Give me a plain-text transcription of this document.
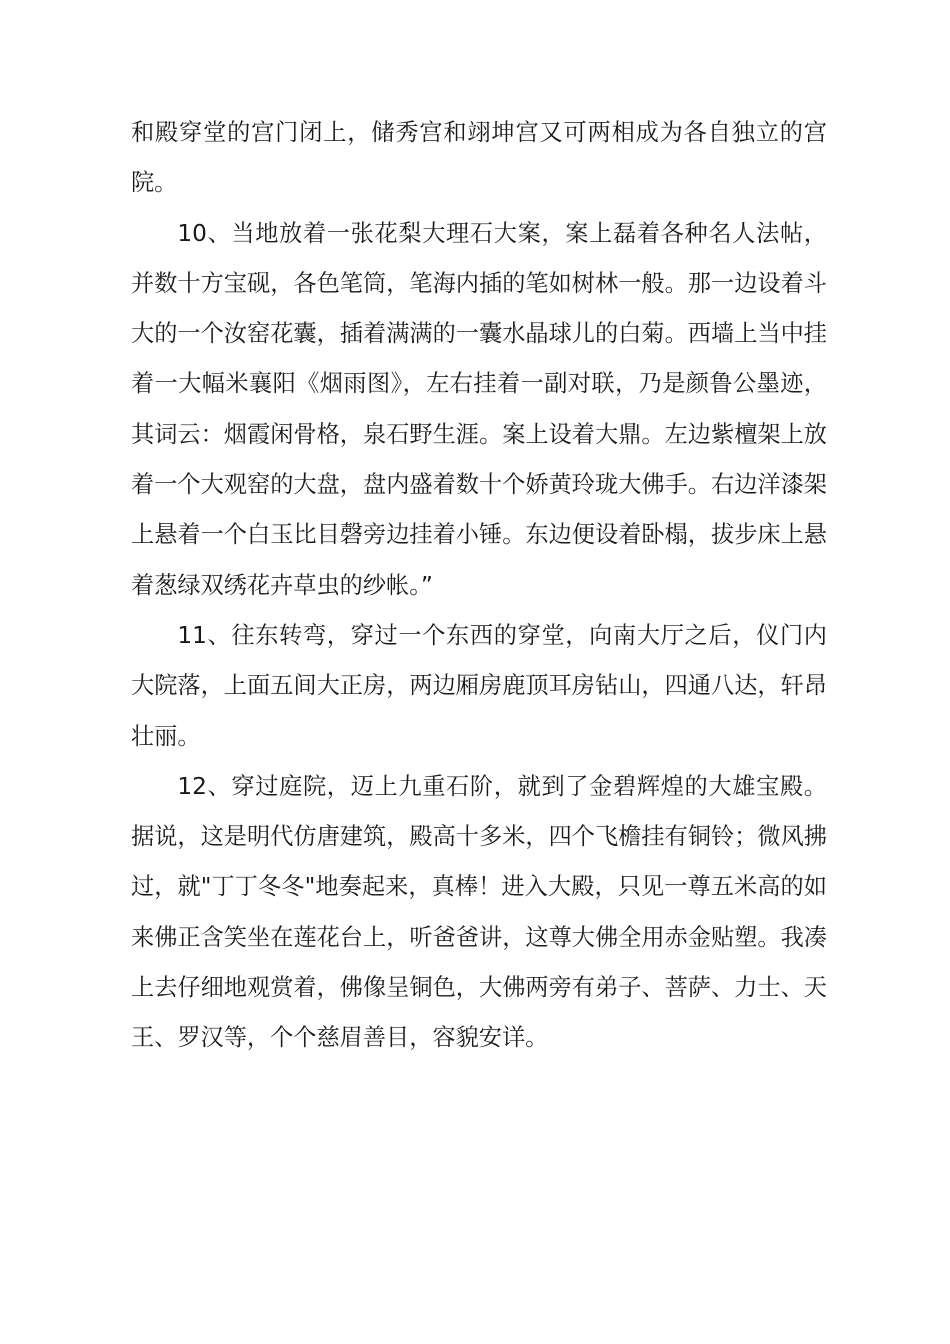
和殿穿堂的宫门闭上，储秀宫和翊坤宫又可两相成为各自独立的宫院。

10、当地放着一张花梨大理石大案，案上磊着各种名人法帖，并数十方宝砚，各色笔筒，笔海内插的笔如树林一般。那一边设着斗大的一个汝窑花囊，插着满满的一囊水晶球儿的白菊。西墙上当中挂着一大幅米襄阳《烟雨图》，左右挂着一副对联，乃是颜鲁公墨迹，其词云：烟霞闲骨格，泉石野生涯。案上设着大鼎。左边紫檀架上放着一个大观窑的大盘，盘内盛着数十个娇黄玲珑大佛手。右边洋漆架上悬着一个白玉比目磬旁边挂着小锤。东边便设着卧榻，拔步床上悬着葱绿双绣花卉草虫的纱帐。”

11、往东转弯，穿过一个东西的穿堂，向南大厅之后，仪门内大院落，上面五间大正房，两边厢房鹿顶耳房钻山，四通八达，轩昂壮丽。

12、穿过庭院，迈上九重石阶，就到了金碧辉煌的大雄宝殿。据说，这是明代仿唐建筑，殿高十多米，四个飞檐挂有铜铃；微风拂过，就"丁丁冬冬"地奏起来，真棒！进入大殿，只见一尊五米高的如来佛正含笑坐在莲花台上，听爸爸讲，这尊大佛全用赤金贴塑。我凑上去仔细地观赏着，佛像呈铜色，大佛两旁有弟子、菩萨、力士、天王、罗汉等，个个慈眉善目，容貌安详。
